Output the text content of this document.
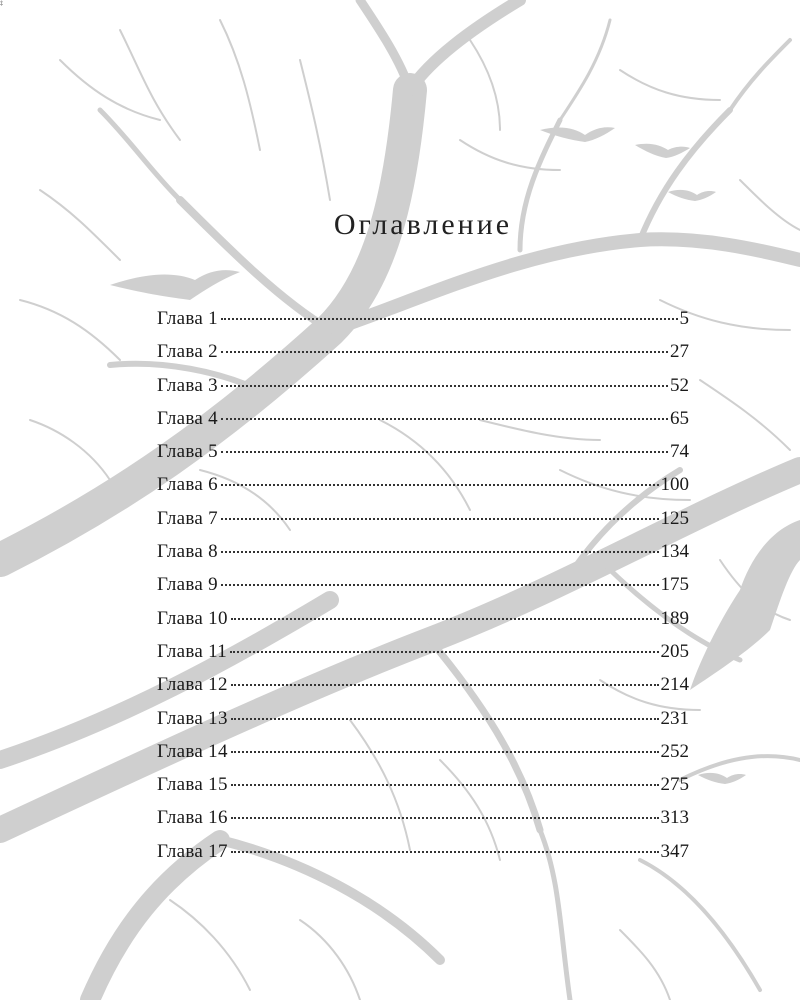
‡
Оглавление
Глава 1	5
Глава 2	27
Глава 3	52
Глава 4	65
Глава 5	74
Глава 6	100
Глава 7	125
Глава 8	134
Глава 9	175
Глава 10	189
Глава 11	205
Глава 12	214
Глава 13	231
Глава 14	252
Глава 15	275
Глава 16	313
Глава 17	347
